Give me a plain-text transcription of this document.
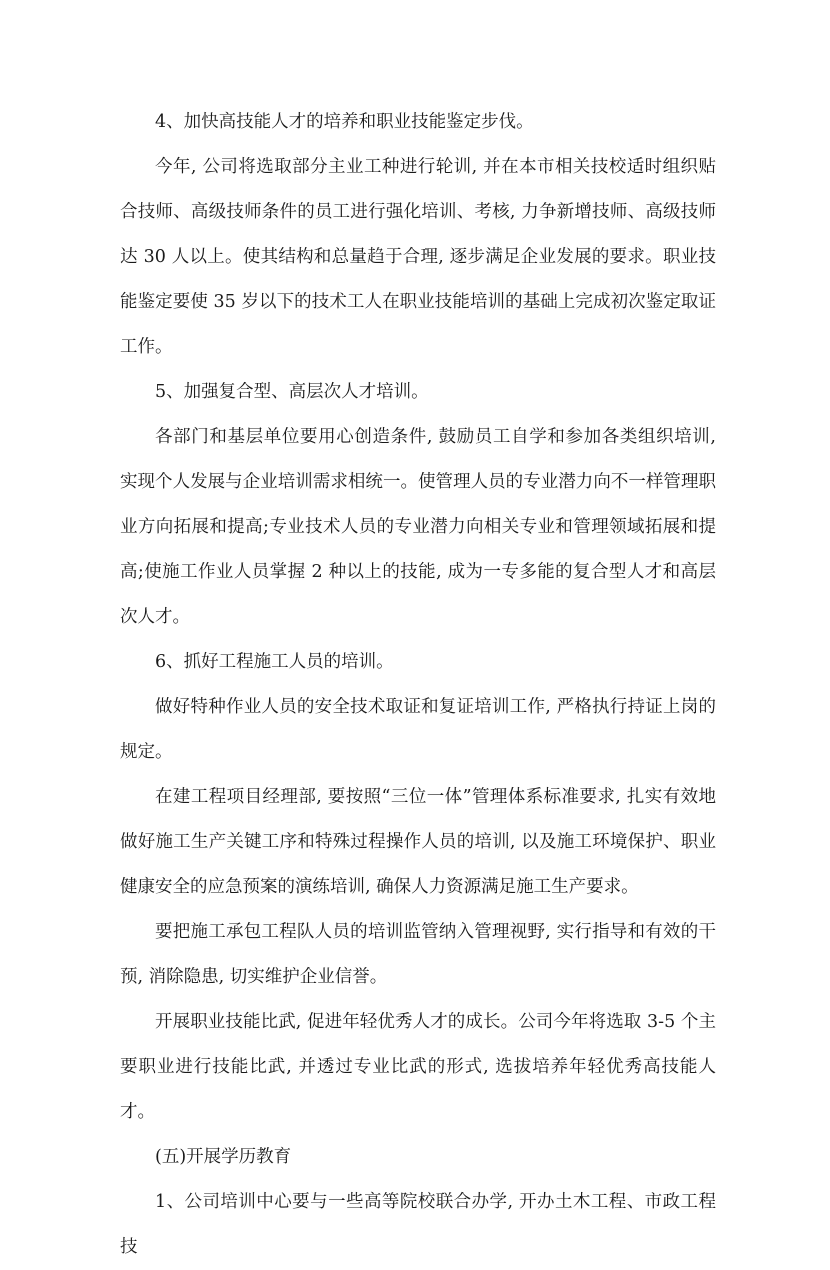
4、加快高技能人才的培养和职业技能鉴定步伐。

今年, 公司将选取部分主业工种进行轮训, 并在本市相关技校适时组织贴合技师、高级技师条件的员工进行强化培训、考核, 力争新增技师、高级技师达 30 人以上。使其结构和总量趋于合理, 逐步满足企业发展的要求。职业技能鉴定要使 35 岁以下的技术工人在职业技能培训的基础上完成初次鉴定取证工作。

5、加强复合型、高层次人才培训。

各部门和基层单位要用心创造条件, 鼓励员工自学和参加各类组织培训, 实现个人发展与企业培训需求相统一。使管理人员的专业潜力向不一样管理职业方向拓展和提高;专业技术人员的专业潜力向相关专业和管理领域拓展和提高;使施工作业人员掌握 2 种以上的技能, 成为一专多能的复合型人才和高层次人才。

6、抓好工程施工人员的培训。

做好特种作业人员的安全技术取证和复证培训工作, 严格执行持证上岗的规定。

在建工程项目经理部, 要按照“三位一体”管理体系标准要求, 扎实有效地做好施工生产关键工序和特殊过程操作人员的培训, 以及施工环境保护、职业健康安全的应急预案的演练培训, 确保人力资源满足施工生产要求。

要把施工承包工程队人员的培训监管纳入管理视野, 实行指导和有效的干预, 消除隐患, 切实维护企业信誉。

开展职业技能比武, 促进年轻优秀人才的成长。公司今年将选取 3-5 个主要职业进行技能比武, 并透过专业比武的形式, 选拔培养年轻优秀高技能人才。

(五)开展学历教育

1、公司培训中心要与一些高等院校联合办学, 开办土木工程、市政工程技
